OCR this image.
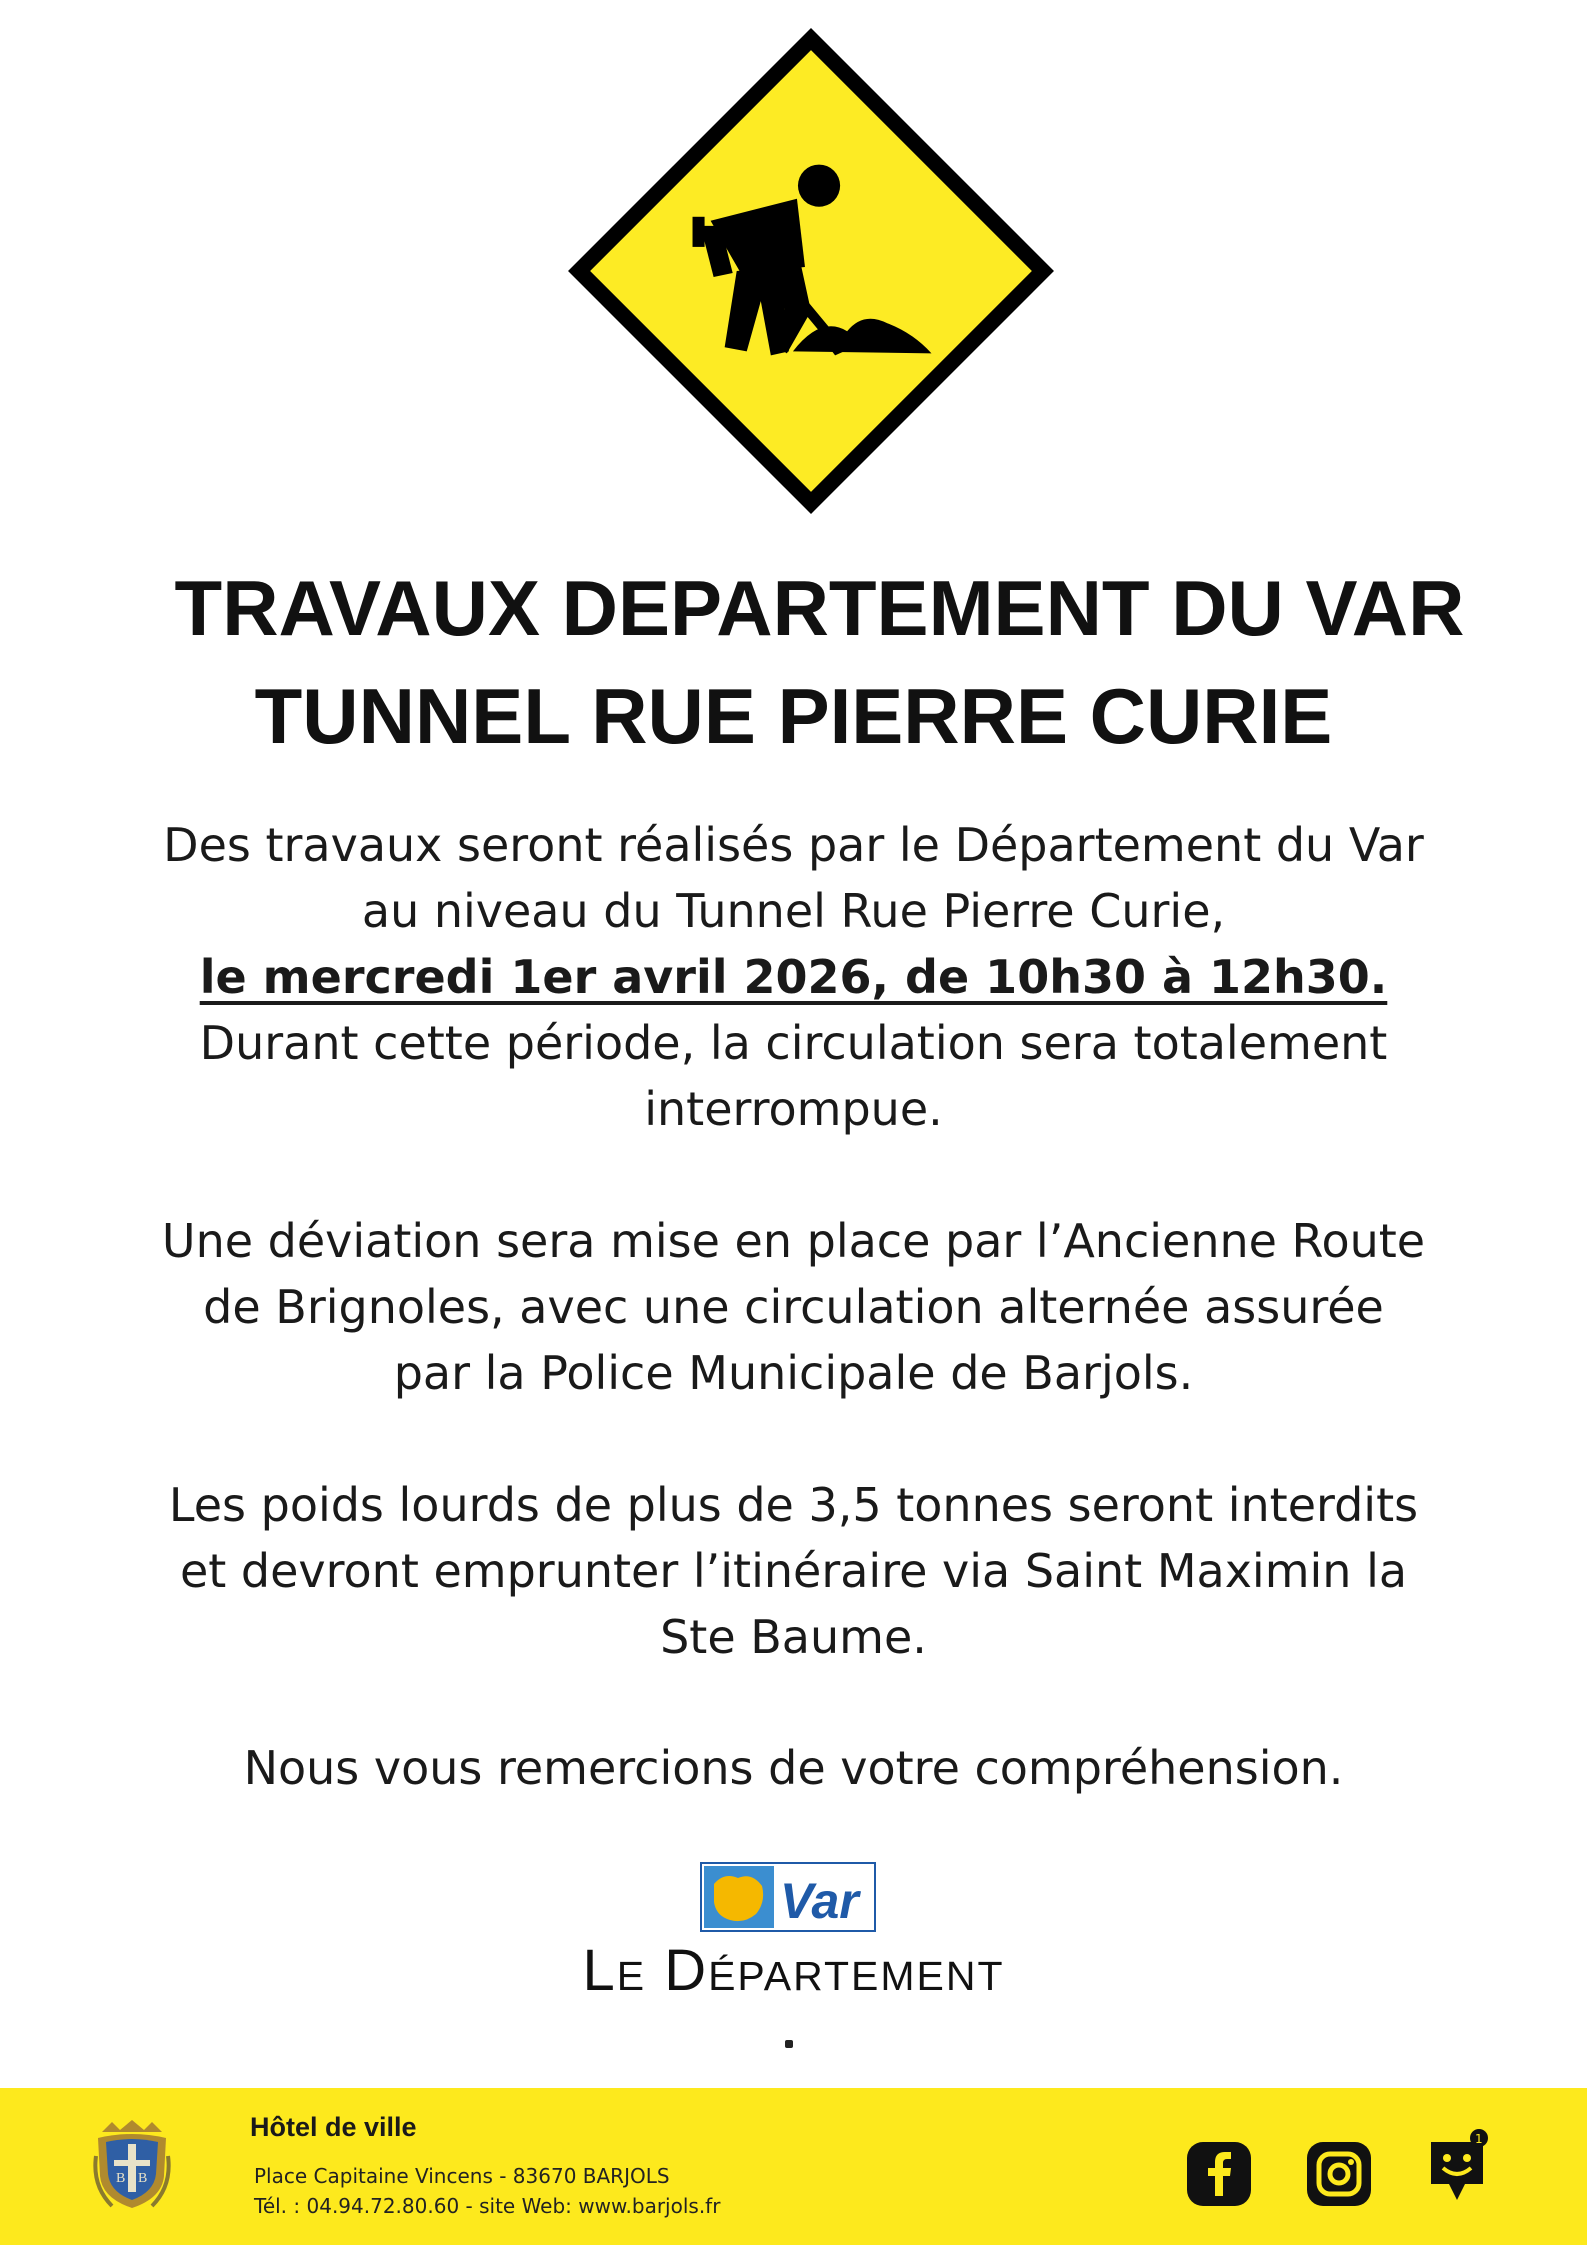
TRAVAUX DEPARTEMENT DU VAR
TUNNEL RUE PIERRE CURIE
Des travaux seront réalisés par le Département du Var
au niveau du Tunnel Rue Pierre Curie,
le mercredi 1er avril 2026, de 10h30 à 12h30.
Durant cette période, la circulation sera totalement
interrompue.
Une déviation sera mise en place par l’Ancienne Route
de Brignoles, avec une circulation alternée assurée
par la Police Municipale de Barjols.
Les poids lourds de plus de 3,5 tonnes seront interdits
et devront emprunter l’itinéraire via Saint Maximin la
Ste Baume.
Nous vous remercions de votre compréhension.
Var
Le Département
B B
Hôtel de ville
Place Capitaine Vincens - 83670 BARJOLS
Tél. : 04.94.72.80.60 - site Web: www.barjols.fr
1
